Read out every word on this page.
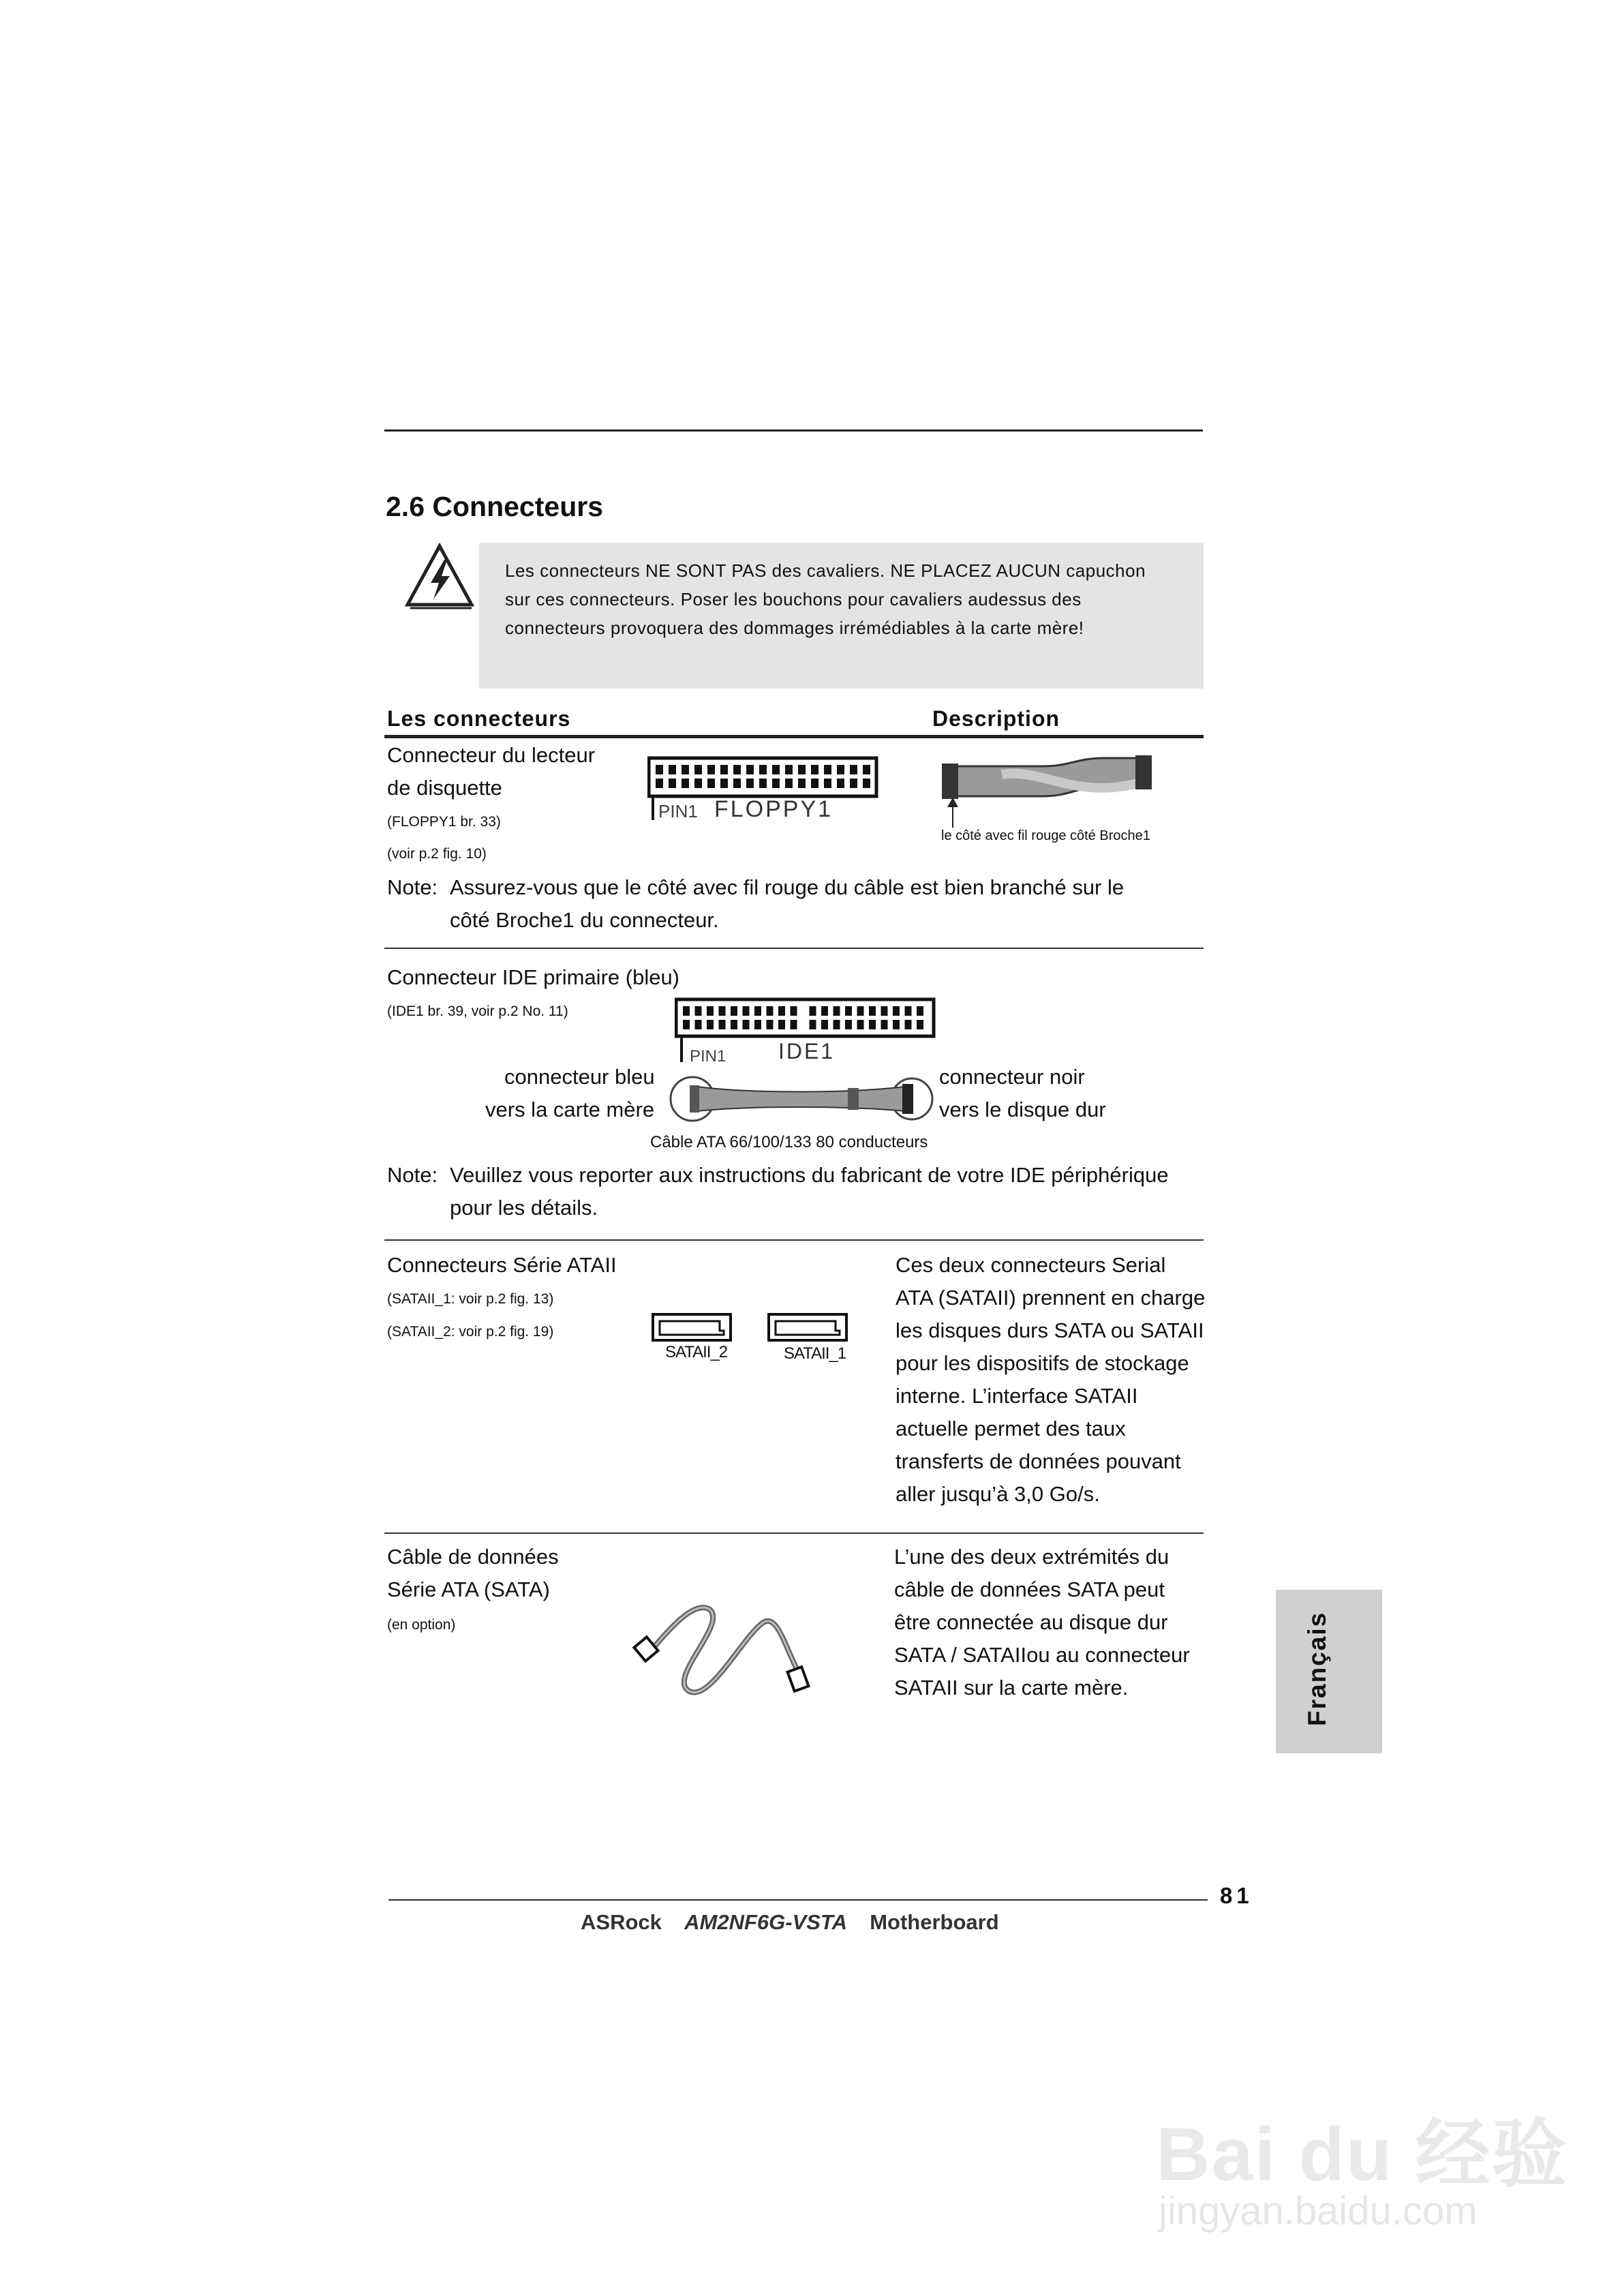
2.6 Connecteurs
Les connecteurs NE SONT PAS des cavaliers. NE PLACEZ AUCUN capuchon sur ces connecteurs. Poser les bouchons pour cavaliers audessus des connecteurs provoquera des dommages irrémédiables à la carte mère!
Les connecteurs	Description
Connecteur du lecteur
de disquette
(FLOPPY1 br. 33)
(voir p.2 fig. 10)
PIN1 FLOPPY1
le côté avec fil rouge côté Broche1
Note: Assurez-vous que le côté avec fil rouge du câble est bien branché sur le
côté Broche1 du connecteur.
Connecteur IDE primaire (bleu)
(IDE1 br. 39, voir p.2 No. 11)
PIN1 IDE1
connecteur bleu
vers la carte mère
connecteur noir
vers le disque dur
Câble ATA 66/100/133 80 conducteurs
Note: Veuillez vous reporter aux instructions du fabricant de votre IDE périphérique
pour les détails.
Connecteurs Série ATAII
(SATAII_1: voir p.2 fig. 13)
(SATAII_2: voir p.2 fig. 19)
SATAII_2	SATAII_1
Ces deux connecteurs Serial
ATA (SATAII) prennent en charge
les disques durs SATA ou SATAII
pour les dispositifs de stockage
interne. L’interface SATAII
actuelle permet des taux
transferts de données pouvant
aller jusqu’à 3,0 Go/s.
Câble de données
Série ATA (SATA)
(en option)
L’une des deux extrémités du
câble de données SATA peut
être connectée au disque dur
SATA / SATAIIou au connecteur
SATAII sur la carte mère.	Français
81
ASRock AM2NF6G-VSTA Motherboard
Bai du 经验
jingyan.baidu.com
